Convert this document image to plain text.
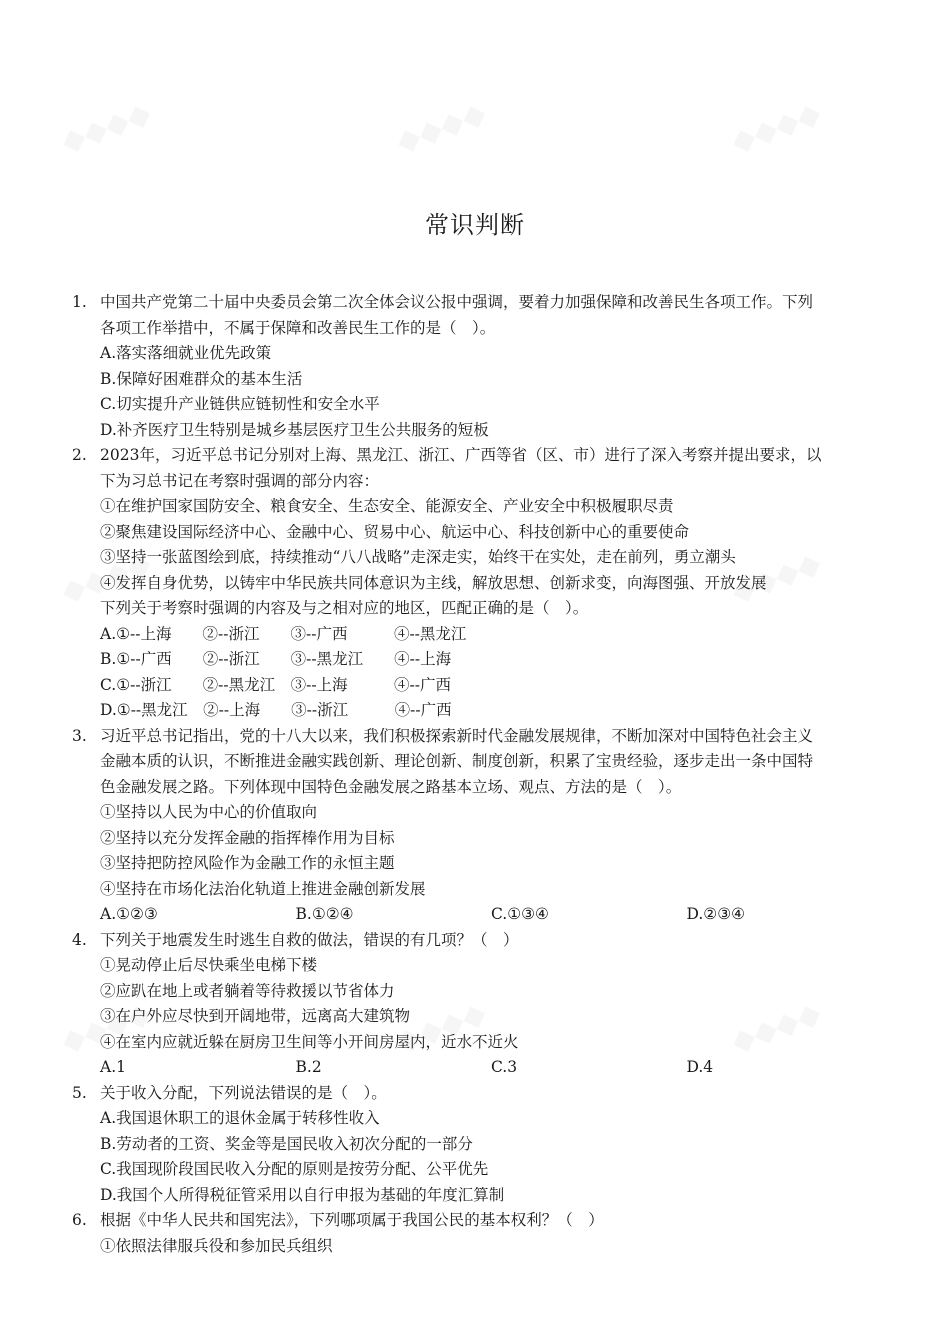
常识判断
1. 中国共产党第二十届中央委员会第二次全体会议公报中强调，要着力加强保障和改善民生各项工作。下列
各项工作举措中，不属于保障和改善民生工作的是（　）。
A.落实落细就业优先政策
B.保障好困难群众的基本生活
C.切实提升产业链供应链韧性和安全水平
D.补齐医疗卫生特别是城乡基层医疗卫生公共服务的短板
2. 2023年，习近平总书记分别对上海、黑龙江、浙江、广西等省（区、市）进行了深入考察并提出要求，以
下为习总书记在考察时强调的部分内容：
①在维护国家国防安全、粮食安全、生态安全、能源安全、产业安全中积极履职尽责
②聚焦建设国际经济中心、金融中心、贸易中心、航运中心、科技创新中心的重要使命
③坚持一张蓝图绘到底，持续推动“八八战略”走深走实，始终干在实处，走在前列，勇立潮头
④发挥自身优势，以铸牢中华民族共同体意识为主线，解放思想、创新求变，向海图强、开放发展
下列关于考察时强调的内容及与之相对应的地区，匹配正确的是（　）。
A.①--上海　　②--浙江　　③--广西　　　④--黑龙江
B.①--广西　　②--浙江　　③--黑龙江　　④--上海
C.①--浙江　　②--黑龙江　③--上海　　　④--广西
D.①--黑龙江　②--上海　　③--浙江　　　④--广西
3. 习近平总书记指出，党的十八大以来，我们积极探索新时代金融发展规律，不断加深对中国特色社会主义
金融本质的认识，不断推进金融实践创新、理论创新、制度创新，积累了宝贵经验，逐步走出一条中国特
色金融发展之路。下列体现中国特色金融发展之路基本立场、观点、方法的是（　）。
①坚持以人民为中心的价值取向
②坚持以充分发挥金融的指挥棒作用为目标
③坚持把防控风险作为金融工作的永恒主题
④坚持在市场化法治化轨道上推进金融创新发展
A.①②③	B.①②④	C.①③④	D.②③④
4. 下列关于地震发生时逃生自救的做法，错误的有几项？（　）
①晃动停止后尽快乘坐电梯下楼
②应趴在地上或者躺着等待救援以节省体力
③在户外应尽快到开阔地带，远离高大建筑物
④在室内应就近躲在厨房卫生间等小开间房屋内，近水不近火
A.1	B.2	C.3	D.4
5. 关于收入分配，下列说法错误的是（　）。
A.我国退休职工的退休金属于转移性收入
B.劳动者的工资、奖金等是国民收入初次分配的一部分
C.我国现阶段国民收入分配的原则是按劳分配、公平优先
D.我国个人所得税征管采用以自行申报为基础的年度汇算制
6. 根据《中华人民共和国宪法》，下列哪项属于我国公民的基本权利？（　）
①依照法律服兵役和参加民兵组织
